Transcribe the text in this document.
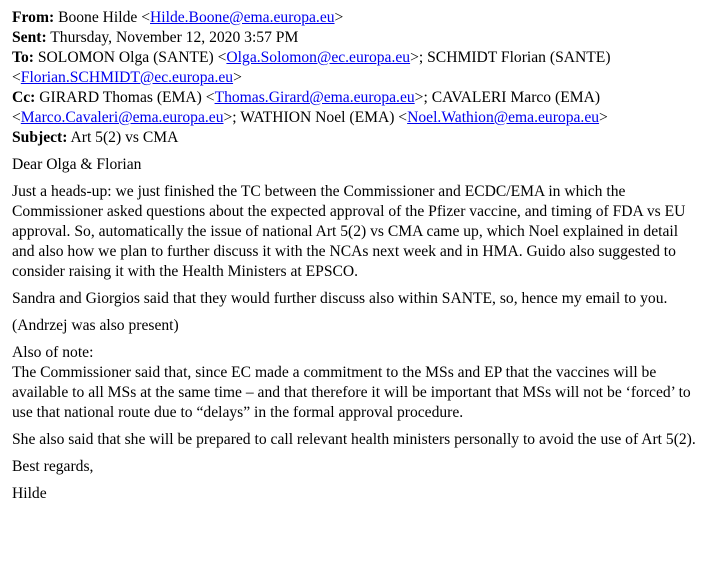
From: Boone Hilde <Hilde.Boone@ema.europa.eu>

Sent: Thursday, November 12, 2020 3:57 PM

To: SOLOMON Olga (SANTE) <Olga.Solomon@ec.europa.eu>; SCHMIDT Florian (SANTE) <Florian.SCHMIDT@ec.europa.eu>

Cc: GIRARD Thomas (EMA) <Thomas.Girard@ema.europa.eu>; CAVALERI Marco (EMA) <Marco.Cavaleri@ema.europa.eu>; WATHION Noel (EMA) <Noel.Wathion@ema.europa.eu>

Subject: Art 5(2) vs CMA

Dear Olga & Florian

Just a heads-up: we just finished the TC between the Commissioner and ECDC/EMA in which the Commissioner asked questions about the expected approval of the Pfizer vaccine, and timing of FDA vs EU approval. So, automatically the issue of national Art 5(2) vs CMA came up, which Noel explained in detail and also how we plan to further discuss it with the NCAs next week and in HMA. Guido also suggested to consider raising it with the Health Ministers at EPSCO.

Sandra and Giorgios said that they would further discuss also within SANTE, so, hence my email to you.

(Andrzej was also present)

Also of note:

The Commissioner said that, since EC made a commitment to the MSs and EP that the vaccines will be available to all MSs at the same time – and that therefore it will be important that MSs will not be ‘forced’ to use that national route due to “delays” in the formal approval procedure.

She also said that she will be prepared to call relevant health ministers personally to avoid the use of Art 5(2).

Best regards,

Hilde
